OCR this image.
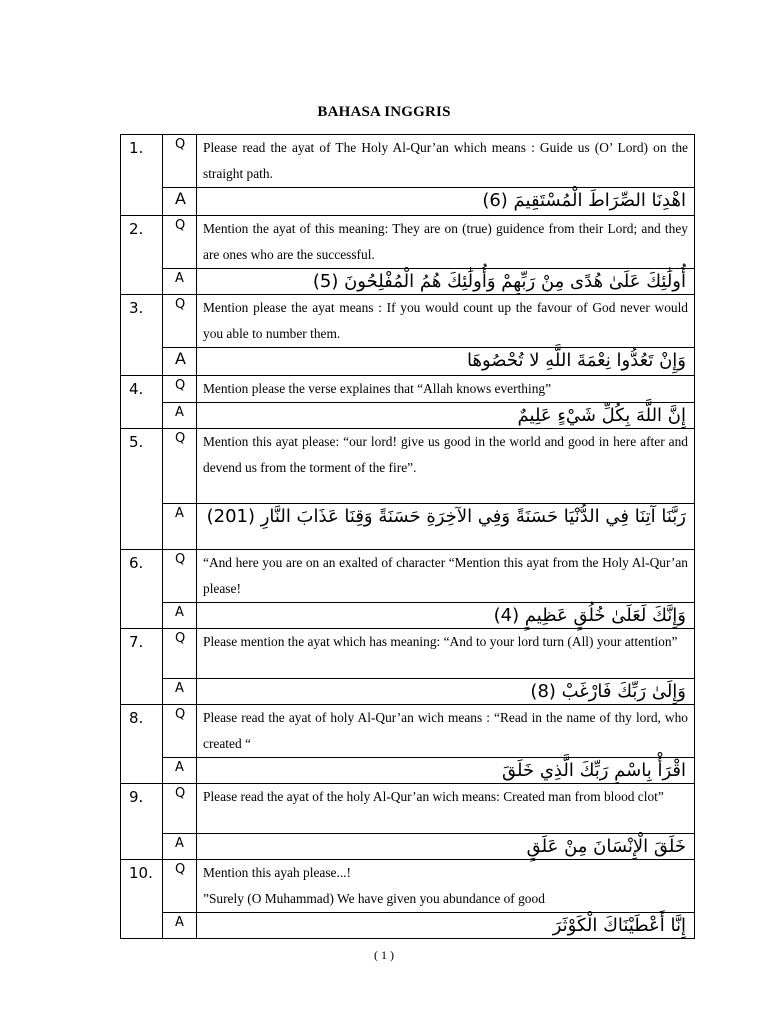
BAHASA INGGRIS
1.	Q	Please read the ayat of The Holy Al-Qur’an which means : Guide us (O’ Lord) on the straight path.
	A	اهْدِنَا الصِّرَاطَ الْمُسْتَقِيمَ (6)
2.	Q	Mention the ayat of this meaning: They are on (true) guidence from their Lord; and they are ones who are the successful.
	A	أُولَٰئِكَ عَلَىٰ هُدًى مِنْ رَبِّهِمْ وَأُولَٰئِكَ هُمُ الْمُفْلِحُونَ (5)
3.	Q	Mention please the ayat means : If you would count up the favour of God never would you able to number them.
	A	وَإِنْ تَعُدُّوا نِعْمَةَ اللَّهِ لا تُحْصُوهَا
4.	Q	Mention please the verse explaines that “Allah knows everthing”
	A	إِنَّ اللَّهَ بِكُلِّ شَيْءٍ عَلِيمٌ
5.	Q	Mention this ayat please: “our lord! give us good in the world and good in here after and devend us from the torment of the fire”.
	A	رَبَّنَا آتِنَا فِي الدُّنْيَا حَسَنَةً وَفِي الآخِرَةِ حَسَنَةً وَقِنَا عَذَابَ النَّارِ (201)
6.	Q	“And here you are on an exalted of character “Mention this ayat from the Holy Al-Qur’an please!
	A	وَإِنَّكَ لَعَلَىٰ خُلُقٍ عَظِيمٍ (4)
7.	Q	Please mention the ayat which has meaning: “And to your lord turn (All) your attention”
	A	وَإِلَىٰ رَبِّكَ فَارْغَبْ (8)
8.	Q	Please read the ayat of holy Al-Qur’an wich means : “Read in the name of thy lord, who created “
	A	اقْرَأْ بِاسْمِ رَبِّكَ الَّذِي خَلَقَ
9.	Q	Please read the ayat of the holy Al-Qur’an wich means: Created man from blood clot”
	A	خَلَقَ الْإِنْسَانَ مِنْ عَلَقٍ
10.	Q	Mention this ayah please...!
”Surely (O Muhammad) We have given you abundance of good

	A	إِنَّا أَعْطَيْنَاكَ الْكَوْثَرَ
( 1 )
